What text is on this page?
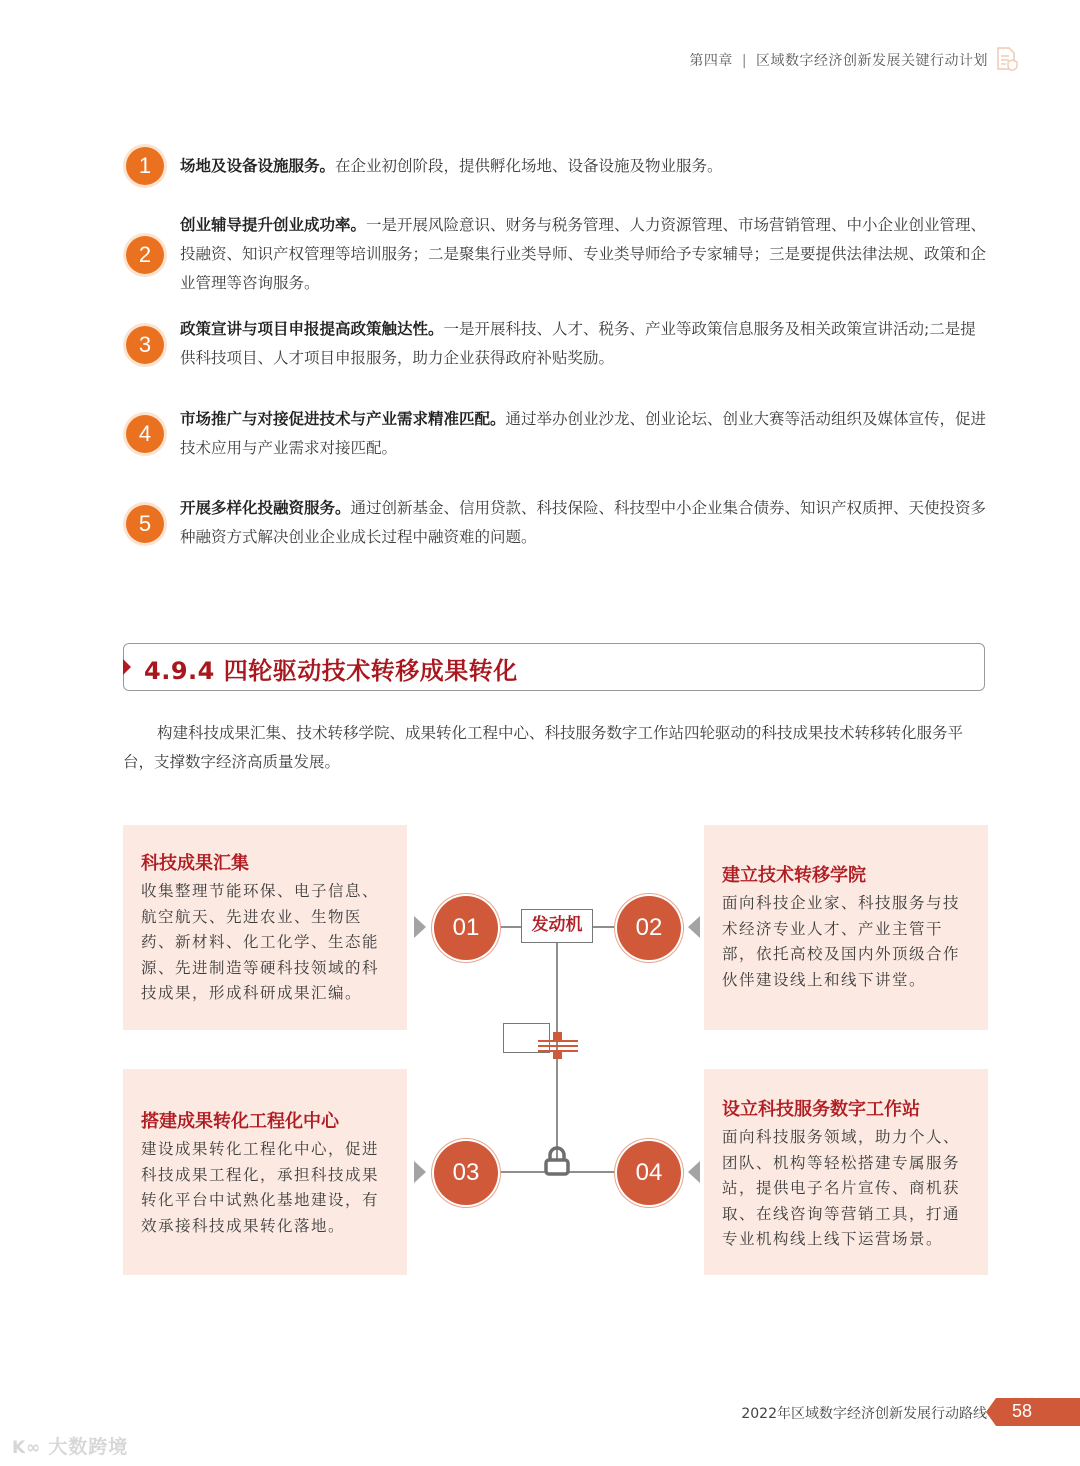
第四章 | 区域数字经济创新发展关键行动计划
1	场地及设备设施服务。在企业初创阶段，提供孵化场地、设备设施及物业服务。
2
创业辅导提升创业成功率。一是开展风险意识、财务与税务管理、人力资源管理、市场营销管理、中小企业创业管理、投融资、知识产权管理等培训服务；二是聚集行业类导师、专业类导师给予专家辅导；三是要提供法律法规、政策和企业管理等咨询服务。
3
政策宣讲与项目申报提高政策触达性。一是开展科技、人才、税务、产业等政策信息服务及相关政策宣讲活动;二是提供科技项目、人才项目申报服务，助力企业获得政府补贴奖励。
4
市场推广与对接促进技术与产业需求精准匹配。通过举办创业沙龙、创业论坛、创业大赛等活动组织及媒体宣传，促进技术应用与产业需求对接匹配。
5
开展多样化投融资服务。通过创新基金、信用贷款、科技保险、科技型中小企业集合债券、知识产权质押、天使投资多种融资方式解决创业企业成长过程中融资难的问题。
4.9.4 四轮驱动技术转移成果转化
构建科技成果汇集、技术转移学院、成果转化工程中心、科技服务数字工作站四轮驱动的科技成果技术转移转化服务平台，支撑数字经济高质量发展。
科技成果汇集
收集整理节能环保、电子信息、航空航天、先进农业、生物医药、新材料、化工化学、生态能源、先进制造等硬科技领域的科技成果，形成科研成果汇编。
建立技术转移学院
面向科技企业家、科技服务与技术经济专业人才、产业主管干部，依托高校及国内外顶级合作伙伴建设线上和线下讲堂。
搭建成果转化工程化中心
建设成果转化工程化中心，促进科技成果工程化，承担科技成果转化平台中试熟化基地建设，有效承接科技成果转化落地。
设立科技服务数字工作站
面向科技服务领域，助力个人、团队、机构等轻松搭建专属服务站，提供电子名片宣传、商机获取、在线咨询等营销工具，打通专业机构线上线下运营场景。
发动机
01	02
03	04
2022年区域数字经济创新发展行动路线 58
K∞ 大数跨境
